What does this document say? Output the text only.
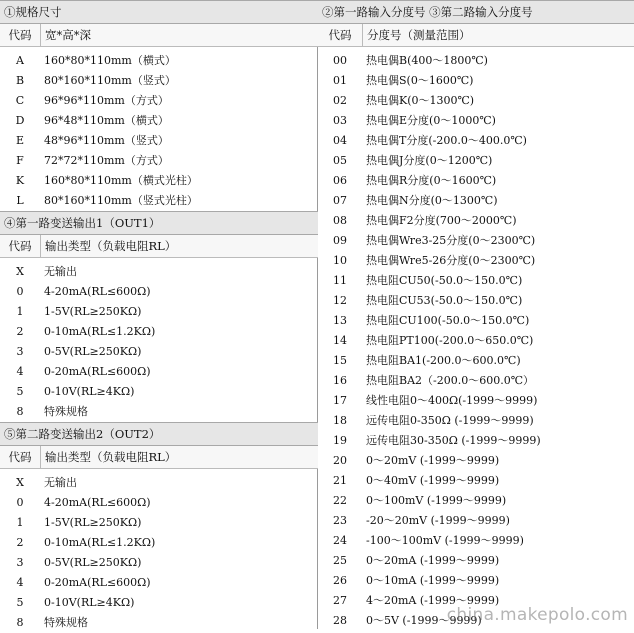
①规格尺寸
代码	宽*高*深
A	160*80*110mm（横式）
B	80*160*110mm（竖式）
C	96*96*110mm（方式）
D	96*48*110mm（横式）
E	48*96*110mm（竖式）
F	72*72*110mm（方式）
K	160*80*110mm（横式光柱）
L	80*160*110mm（竖式光柱）
④第一路变送输出1（OUT1）
代码	输出类型（负载电阻RL）
X	无输出
0	4-20mA(RL≤600Ω)
1	1-5V(RL≥250KΩ)
2	0-10mA(RL≤1.2KΩ)
3	0-5V(RL≥250KΩ)
4	0-20mA(RL≤600Ω)
5	0-10V(RL≥4KΩ)
8	特殊规格
⑤第二路变送输出2（OUT2）
代码	输出类型（负载电阻RL）
X	无输出
0	4-20mA(RL≤600Ω)
1	1-5V(RL≥250KΩ)
2	0-10mA(RL≤1.2KΩ)
3	0-5V(RL≥250KΩ)
4	0-20mA(RL≤600Ω)
5	0-10V(RL≥4KΩ)
8	特殊规格
②第一路输入分度号 ③第二路输入分度号
代码	分度号（测量范围）
00	热电偶B(400～1800℃)
01	热电偶S(0～1600℃)
02	热电偶K(0～1300℃)
03	热电偶E分度(0～1000℃)
04	热电偶T分度(-200.0～400.0℃)
05	热电偶J分度(0～1200℃)
06	热电偶R分度(0～1600℃)
07	热电偶N分度(0～1300℃)
08	热电偶F2分度(700～2000℃)
09	热电偶Wre3-25分度(0～2300℃)
10	热电偶Wre5-26分度(0～2300℃)
11	热电阻CU50(-50.0～150.0℃)
12	热电阻CU53(-50.0～150.0℃)
13	热电阻CU100(-50.0～150.0℃)
14	热电阻PT100(-200.0～650.0℃)
15	热电阻BA1(-200.0～600.0℃)
16	热电阻BA2（-200.0～600.0℃）
17	线性电阻0～400Ω(-1999～9999)
18	远传电阻0-350Ω (-1999～9999)
19	远传电阻30-350Ω (-1999～9999)
20	0～20mV (-1999～9999)
21	0～40mV (-1999～9999)
22	0～100mV (-1999～9999)
23	-20～20mV (-1999～9999)
24	-100～100mV (-1999～9999)
25	0～20mA (-1999～9999)
26	0～10mA (-1999～9999)
27	4～20mA (-1999～9999)
28	0～5V (-1999～9999)
china.makepolo.com
